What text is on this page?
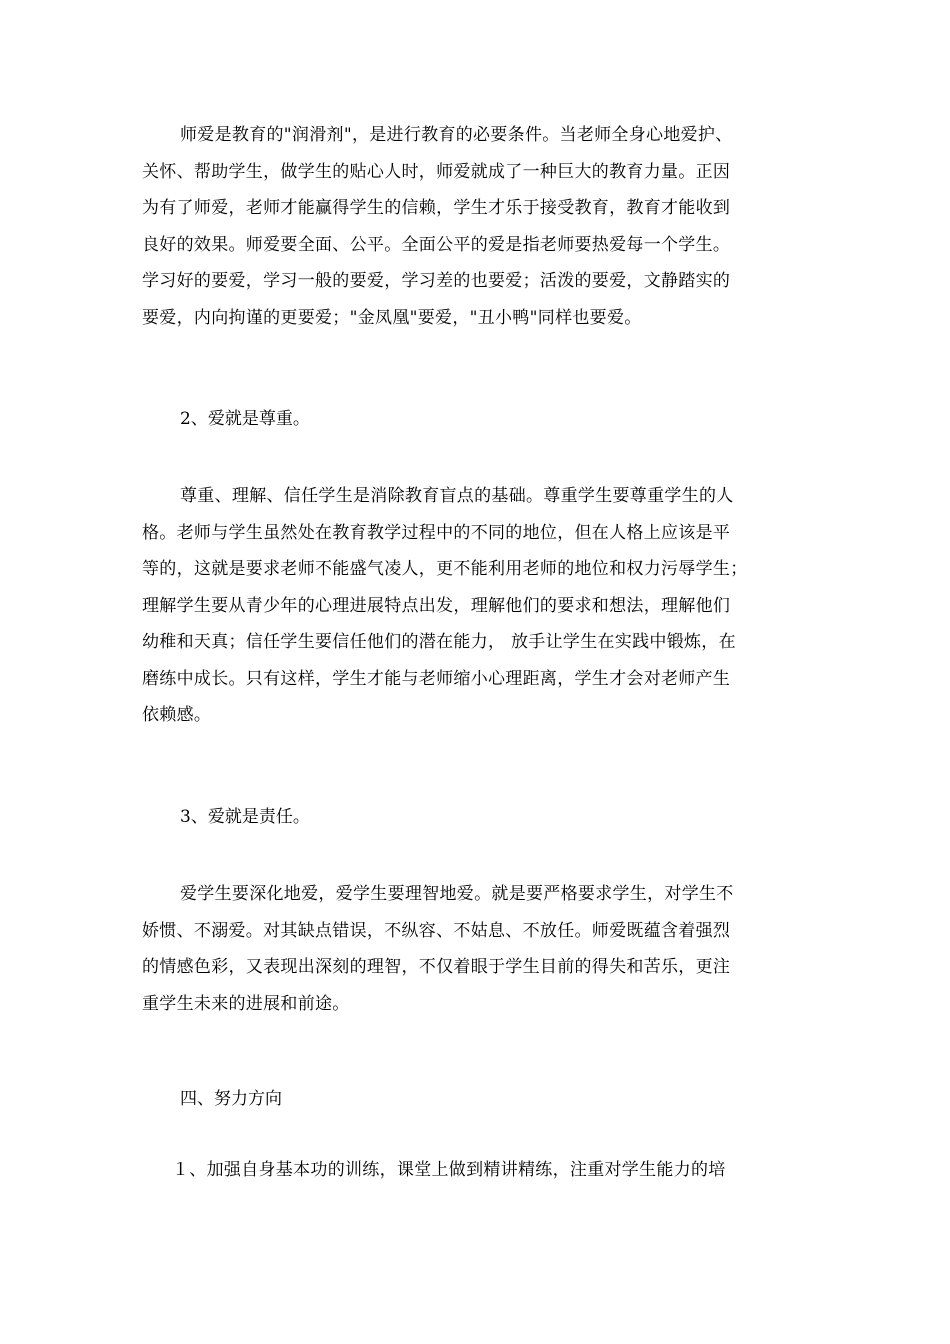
师爱是教育的"润滑剂"，是进行教育的必要条件。当老师全身心地爱护、
关怀、帮助学生，做学生的贴心人时，师爱就成了一种巨大的教育力量。正因
为有了师爱，老师才能赢得学生的信赖，学生才乐于接受教育，教育才能收到
良好的效果。师爱要全面、公平。全面公平的爱是指老师要热爱每一个学生。
学习好的要爱，学习一般的要爱，学习差的也要爱；活泼的要爱，文静踏实的
要爱，内向拘谨的更要爱；"金凤凰"要爱，"丑小鸭"同样也要爱。

2、爱就是尊重。

尊重、理解、信任学生是消除教育盲点的基础。尊重学生要尊重学生的人
格。老师与学生虽然处在教育教学过程中的不同的地位，但在人格上应该是平
等的，这就是要求老师不能盛气凌人，更不能利用老师的地位和权力污辱学生；
理解学生要从青少年的心理进展特点出发，理解他们的要求和想法，理解他们
幼稚和天真；信任学生要信任他们的潜在能力， 放手让学生在实践中锻炼，在
磨练中成长。只有这样，学生才能与老师缩小心理距离，学生才会对老师产生
依赖感。

3、爱就是责任。

爱学生要深化地爱，爱学生要理智地爱。就是要严格要求学生，对学生不
娇惯、不溺爱。对其缺点错误，不纵容、不姑息、不放任。师爱既蕴含着强烈
的情感色彩，又表现出深刻的理智，不仅着眼于学生目前的得失和苦乐，更注
重学生未来的进展和前途。

四、努力方向

１、加强自身基本功的训练，课堂上做到精讲精练，注重对学生能力的培
